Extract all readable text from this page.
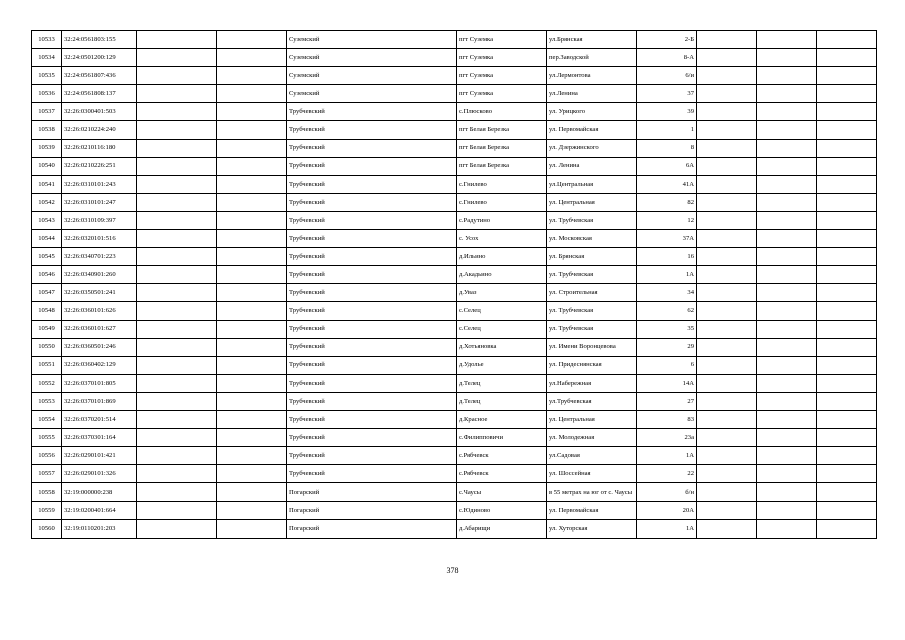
10533	32:24:0561803:155			Суземский	пгт Суземка	ул.Брянская	2-Б			
10534	32:24:0501200:129			Суземский	пгт Суземка	пер.Заводской	8-А			
10535	32:24:0561807:436			Суземский	пгт Суземка	ул.Лермонтова	6/и			
10536	32:24:0561808:137			Суземский	пгт Суземка	ул.Ленина	37			
10537	32:26:0300401:503			Трубчевский	с.Плюсково	ул. Урицкого	39			
10538	32:26:0210224:240			Трубчевский	пгт Белая Березка	ул. Первомайская	1			
10539	32:26:0210116:180			Трубчевский	пгт Белая Березка	ул. Дзержинского	8			
10540	32:26:0210226:251			Трубчевский	пгт Белая Березка	ул. Ленина	6А			
10541	32:26:0310101:243			Трубчевский	с.Гнилево	ул.Центральная	41А			
10542	32:26:0310101:247			Трубчевский	с.Гнилево	ул. Центральная	82			
10543	32:26:0310109:397			Трубчевский	с.Радутино	ул. Трубчевская	12			
10544	32:26:0320101:516			Трубчевский	с. Усох	ул. Московская	37А			
10545	32:26:0340701:223			Трубчевский	д.Ильино	ул. Брянская	16			
10546	32:26:0340901:260			Трубчевский	д.Акадьино	ул. Трубчевская	1А			
10547	32:26:0350501:241			Трубчевский	д.Уваз	ул. Строительная	34			
10548	32:26:0360101:626			Трубчевский	с.Селец	ул. Трубчевская	62			
10549	32:26:0360101:627			Трубчевский	с.Селец	ул. Трубчевская	35			
10550	32:26:0360501:246			Трубчевский	д.Хотьяновка	ул. Имени Воронцевова	29			
10551	32:26:0360402:129			Трубчевский	д.Удолье	ул. Придеснянская	6			
10552	32:26:0370101:805			Трубчевский	д.Телец	ул.Набережная	14А			
10553	32:26:0370101:869			Трубчевский	д.Телец	ул.Трубчевская	27			
10554	32:26:0370201:514			Трубчевский	д.Красное	ул. Центральная	83			
10555	32:26:0370301:164			Трубчевский	с.Филипповичи	ул. Молодежная	23а			
10556	32:26:0290101:421			Трубчевский	с.Рябчевск	ул.Садовая	1А			
10557	32:26:0290101:326			Трубчевский	с.Рябчевск	ул. Шоссейная	22			
10558	32:19:000000:238			Погарский	с.Чаусы	в 55 метрах на юг от с. Чаусы	б/н			
10559	32:19:0200401:664			Погарский	с.Юдиново	ул. Первомайская	20А			
10560	32:19:0110201:203			Погарский	д.Абарищи	ул. Хуторская	1А			
378
